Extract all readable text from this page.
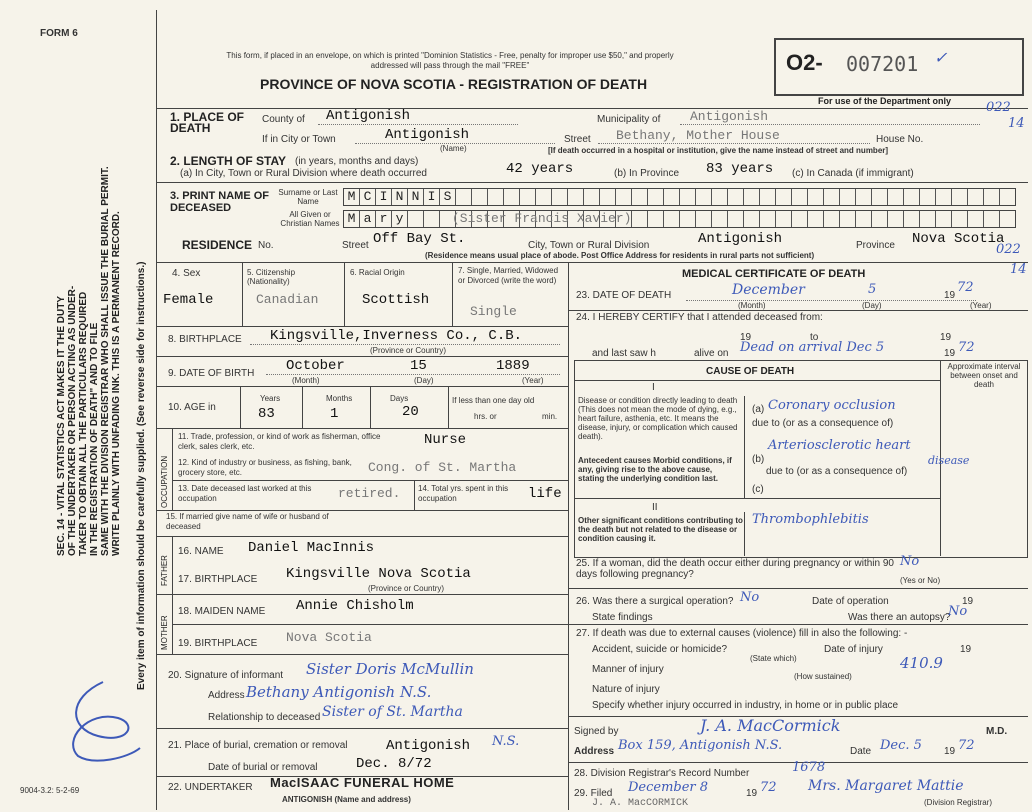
FORM 6
This form, if placed in an envelope, on which is printed "Dominion Statistics - Free, penalty for improper use $50," and properly addressed will pass through the mail "FREE"
PROVINCE OF NOVA SCOTIA - REGISTRATION OF DEATH
O2- 007201 ✓
For use of the Department only	022
14
022
14
SEC. 14 - VITAL STATISTICS ACT MAKES IT THE DUTY OF THE UNDERTAKER OR PERSON ACTING AS UNDER- TAKER TO OBTAIN ALL THE PARTICULARS REQUIRED IN THE REGISTRATION OF DEATH" AND TO FILE SAME WITH THE DIVISION REGISTRAR WHO SHALL ISSUE THE BURIAL PERMIT. WRITE PLAINLY WITH UNFADING INK. THIS IS A PERMANENT RECORD. Every item of information should be carefully supplied. (See reverse side for instructions.)
1. PLACE OF DEATH
County of Antigonish	Municipality of Antigonish
If in City or Town	Antigonish
(Name)
Street Bethany, Mother House	House No.
[If death occurred in a hospital or institution, give the name instead of street and number]
2. LENGTH OF STAY (in years, months and days)
(a) In City, Town or Rural Division where death occurred	42 years	(b) In Province 83 years (c) In Canada (if immigrant)
3. PRINT NAME OF DECEASED
Surname or Last Name
All Given or Christian Names
M C I N N I S
M a r y	(Sister Francis Xavier)
RESIDENCE No.	Street Off Bay St.	City, Town or Rural Division	Antigonish	Province Nova Scotia
(Residence means usual place of abode. Post Office Address for residents in rural parts not sufficient)
4. Sex
Female
5. Citizenship (Nationality)
Canadian
6. Racial Origin
Scottish
7. Single, Married, Widowed or Divorced (write the word)
Single
8. BIRTHPLACE Kingsville,Inverness Co., C.B.
(Province or Country)
9. DATE OF BIRTH October	15	1889
(Month)	(Day)	(Year)
10. AGE in
Years	Months	Days
83	1	20
If less than one day old
hrs. or	min.
OCCUPATION
11. Trade, profession, or kind of work as fisherman, office clerk, sales clerk, etc.	Nurse
12. Kind of industry or business, as fishing, bank, grocery store, etc.	Cong. of St. Martha
13. Date deceased last worked at this occupation	retired. 14. Total yrs. spent in this occupation	life
15. If married give name of wife or husband of deceased
FATHER
16. NAME Daniel MacInnis
17. BIRTHPLACE Kingsville Nova Scotia
(Province or Country)
MOTHER
18. MAIDEN NAME Annie Chisholm
19. BIRTHPLACE Nova Scotia
20. Signature of informant Sister Doris McMullin
Address Bethany Antigonish N.S.
Relationship to deceased Sister of St. Martha
21. Place of burial, cremation or removal	Antigonish N.S.
Date of burial or removal	Dec. 8/72
22. UNDERTAKER MacISAAC FUNERAL HOME
ANTIGONISH (Name and address)
9004-3.2: 5-2-69
MEDICAL CERTIFICATE OF DEATH
23. DATE OF DEATH	December	5	19
72
(Month)	(Day)	(Year)
24. I HEREBY CERTIFY that I attended deceased from:
19	to	19
and last saw h	alive on Dead on arrival Dec 5	19 72
CAUSE OF DEATH	Approximate interval between onset and death
I
Disease or condition directly leading to death (This does not mean the mode of dying, e.g., heart failure, asthenia, etc. It means the disease, injury, or complication which caused death).
(a) Coronary occlusion
due to (or as a consequence of)
Antecedent causes Morbid conditions, if any, giving rise to the above cause, stating the underlying condition last.
(b)
Arteriosclerotic heart
disease
due to (or as a consequence of)
(c)
II
Other significant conditions contributing to the death but not related to the disease or condition causing it.
Thrombophlebitis
25. If a woman, did the death occur either during pregnancy or within 90 days following pregnancy?
No
(Yes or No)
26. Was there a surgical operation? No	Date of operation	19
State findings	Was there an autopsy?
No
27. If death was due to external causes (violence) fill in also the following: -
Accident, suicide or homicide?
(State which)
Date of injury	19
Manner of injury	410.9
(How sustained)
Nature of injury
Specify whether injury occurred in industry, in home or in public place
Signed by	J. A. MacCormick	M.D.
Address Box 159, Antigonish N.S.	Date Dec. 5 19 72
28. Division Registrar's Record Number	1678
29. Filed December 8	19 72 Mrs. Margaret Mattie
(Division Registrar)
J. A. MacCORMICK
